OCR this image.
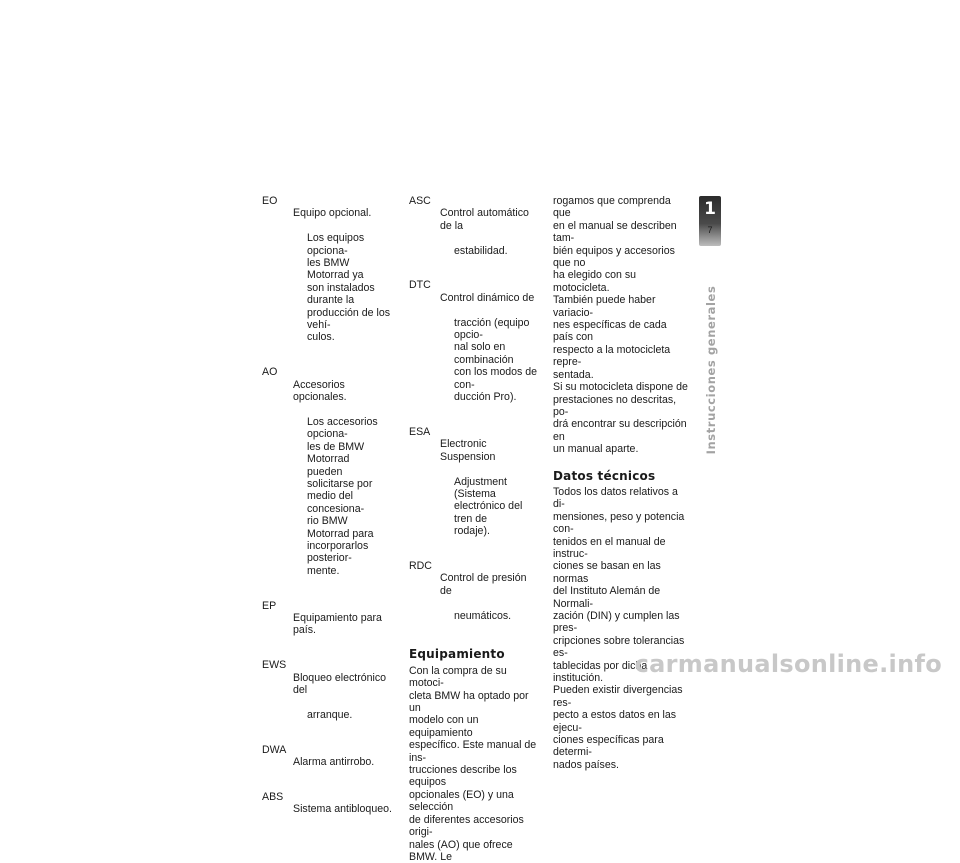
EO

Equipo opcional.

Los equipos opciona-
les BMW Motorrad ya
son instalados durante la
producción de los vehí-
culos.

AO

Accesorios opcionales.

Los accesorios opciona-
les de BMW Motorrad
pueden solicitarse por
medio del concesiona-
rio BMW Motorrad para
incorporarlos posterior-
mente.

EP

Equipamiento para país.

EWS

Bloqueo electrónico del

arranque.

DWA

Alarma antirrobo.

ABS

Sistema antibloqueo.

ASC

Control automático de la

estabilidad.

DTC

Control dinámico de

tracción (equipo opcio-
nal solo en combinación
con los modos de con-
ducción Pro).

ESA

Electronic Suspension

Adjustment (Sistema
electrónico del tren de
rodaje).

RDC

Control de presión de

neumáticos.

Equipamiento

Con la compra de su motoci-
cleta BMW ha optado por un
modelo con un equipamiento
específico. Este manual de ins-
trucciones describe los equipos
opcionales (EO) y una selección
de diferentes accesorios origi-
nales (AO) que ofrece BMW. Le

rogamos que comprenda que
en el manual se describen tam-
bién equipos y accesorios que no
ha elegido con su motocicleta.
También puede haber variacio-
nes específicas de cada país con
respecto a la motocicleta repre-
sentada.
Si su motocicleta dispone de
prestaciones no descritas, po-
drá encontrar su descripción en
un manual aparte.

Datos técnicos

Todos los datos relativos a di-
mensiones, peso y potencia con-
tenidos en el manual de instruc-
ciones se basan en las normas
del Instituto Alemán de Normali-
zación (DIN) y cumplen las pres-
cripciones sobre tolerancias es-
tablecidas por dicha institución.
Pueden existir divergencias res-
pecto a estos datos en las ejecu-
ciones específicas para determi-
nados países.

1
7
Instrucciones generales
carmanualsonline.info
